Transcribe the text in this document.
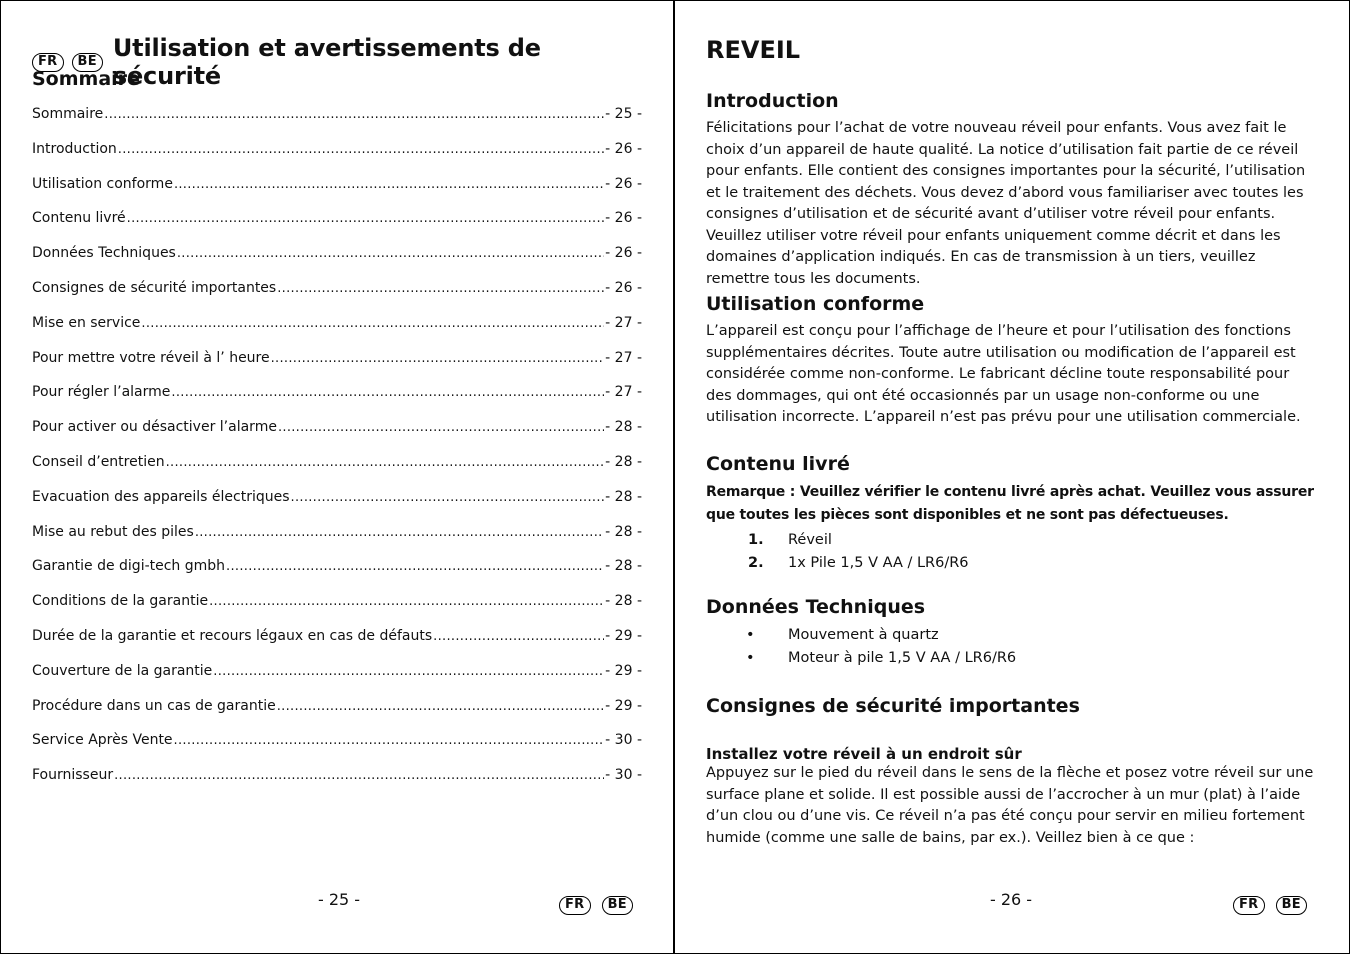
FR	BE Utilisation et avertissements de sécurité
Sommaire
Sommaire .....	- 25 -
Introduction .....	- 26 -
Utilisation conforme .....	- 26 -
Contenu livré .....	- 26 -
Données Techniques .....	- 26 -
Consignes de sécurité importantes .....	- 26 -
Mise en service .....	- 27 -
Pour mettre votre réveil à l’ heure .....	- 27 -
Pour régler l’alarme .....	- 27 -
Pour activer ou désactiver l’alarme .....	- 28 -
Conseil d’entretien .....	- 28 -
Evacuation des appareils électriques .....	- 28 -
Mise au rebut des piles .....	- 28 -
Garantie de digi-tech gmbh .....	- 28 -
Conditions de la garantie .....	- 28 -
Durée de la garantie et recours légaux en cas de défauts .....	- 29 -
Couverture de la garantie .....	- 29 -
Procédure dans un cas de garantie .....	- 29 -
Service Après Vente .....	- 30 -
Fournisseur .....	- 30 -
- 25 -	FR BE
REVEIL
Introduction
Félicitations pour l’achat de votre nouveau réveil pour enfants. Vous avez fait le choix d’un appareil de haute qualité. La notice d’utilisation fait partie de ce réveil pour enfants. Elle contient des consignes importantes pour la sécurité, l’utilisation et le traitement des déchets. Vous devez d’abord vous familiariser avec toutes les consignes d’utilisation et de sécurité avant d’utiliser votre réveil pour enfants. Veuillez utiliser votre réveil pour enfants uniquement comme décrit et dans les domaines d’application indiqués. En cas de transmission à un tiers, veuillez remettre tous les documents.
Utilisation conforme
L’appareil est conçu pour l’affichage de l’heure et pour l’utilisation des fonctions supplémentaires décrites. Toute autre utilisation ou modification de l’appareil est considérée comme non-conforme. Le fabricant décline toute responsabilité pour des dommages, qui ont été occasionnés par un usage non-conforme ou une utilisation incorrecte. L’appareil n’est pas prévu pour une utilisation commerciale.
Contenu livré
Remarque : Veuillez vérifier le contenu livré après achat. Veuillez vous assurer que toutes les pièces sont disponibles et ne sont pas défectueuses.
1.	Réveil
2.	1x Pile 1,5 V AA / LR6/R6
Données Techniques
•	Mouvement à quartz
•	Moteur à pile 1,5 V AA / LR6/R6
Consignes de sécurité importantes
Installez votre réveil à un endroit sûr
Appuyez sur le pied du réveil dans le sens de la flèche et posez votre réveil sur une surface plane et solide. Il est possible aussi de l’accrocher à un mur (plat) à l’aide d’un clou ou d’une vis. Ce réveil n’a pas été conçu pour servir en milieu fortement humide (comme une salle de bains, par ex.). Veillez bien à ce que :
- 26 -	FR BE
